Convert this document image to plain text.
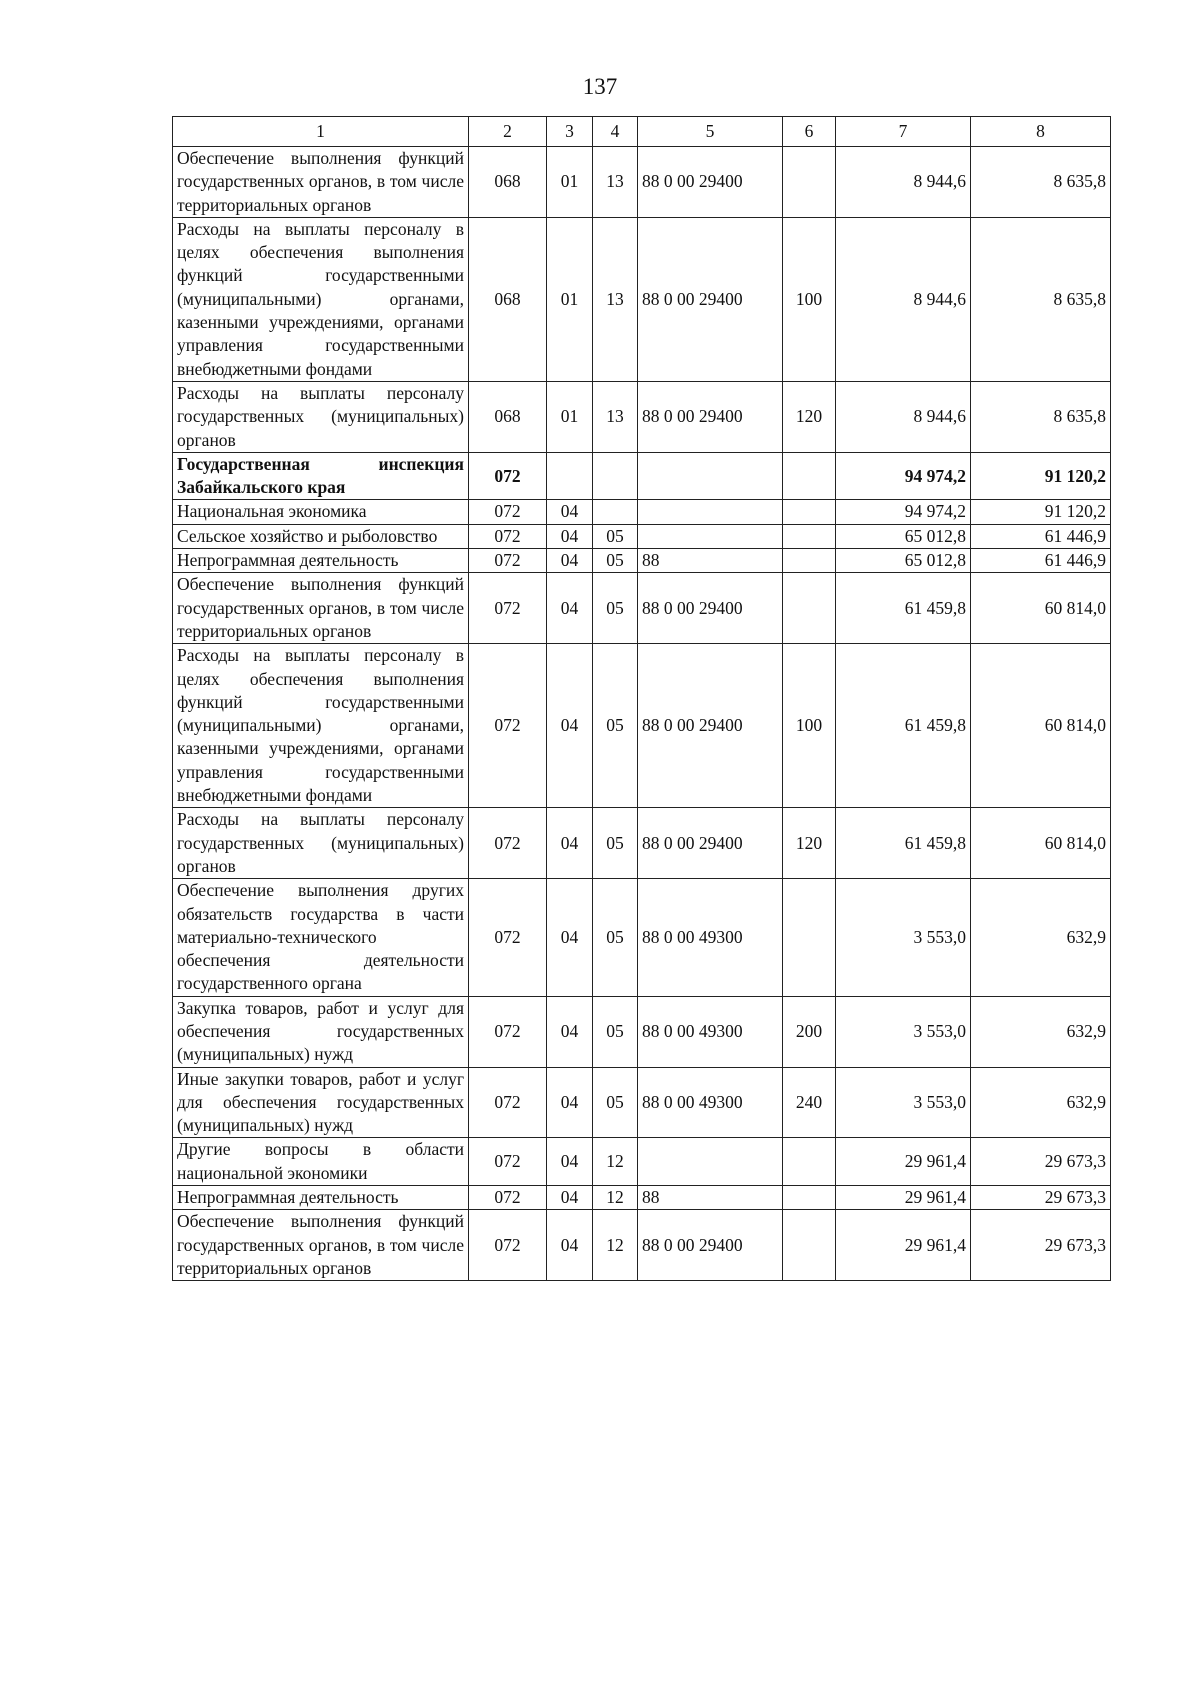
137
1	2	3	4	5	6	7	8
Обеспечение выполнения функций государственных органов, в том числе территориальных органов	068	01	13	88 0 00 29400		8 944,6	8 635,8
Расходы на выплаты персоналу в целях обеспечения выполнения функций государственными (муниципальными) органами, казенными учреждениями, органами управления государственными внебюджетными фондами	068	01	13	88 0 00 29400	100	8 944,6	8 635,8
Расходы на выплаты персоналу государственных (муниципальных) органов	068	01	13	88 0 00 29400	120	8 944,6	8 635,8
Государственная инспекция Забайкальского края	072					94 974,2	91 120,2
Национальная экономика	072	04				94 974,2	91 120,2
Сельское хозяйство и рыболовство	072	04	05			65 012,8	61 446,9
Непрограммная деятельность	072	04	05	88		65 012,8	61 446,9
Обеспечение выполнения функций государственных органов, в том числе территориальных органов	072	04	05	88 0 00 29400		61 459,8	60 814,0
Расходы на выплаты персоналу в целях обеспечения выполнения функций государственными (муниципальными) органами, казенными учреждениями, органами управления государственными внебюджетными фондами	072	04	05	88 0 00 29400	100	61 459,8	60 814,0
Расходы на выплаты персоналу государственных (муниципальных) органов	072	04	05	88 0 00 29400	120	61 459,8	60 814,0
Обеспечение выполнения других обязательств государства в части материально-технического обеспечения деятельности государственного органа	072	04	05	88 0 00 49300		3 553,0	632,9
Закупка товаров, работ и услуг для обеспечения государственных (муниципальных) нужд	072	04	05	88 0 00 49300	200	3 553,0	632,9
Иные закупки товаров, работ и услуг для обеспечения государственных (муниципальных) нужд	072	04	05	88 0 00 49300	240	3 553,0	632,9
Другие вопросы в области национальной экономики	072	04	12			29 961,4	29 673,3
Непрограммная деятельность	072	04	12	88		29 961,4	29 673,3
Обеспечение выполнения функций государственных органов, в том числе территориальных органов	072	04	12	88 0 00 29400		29 961,4	29 673,3
